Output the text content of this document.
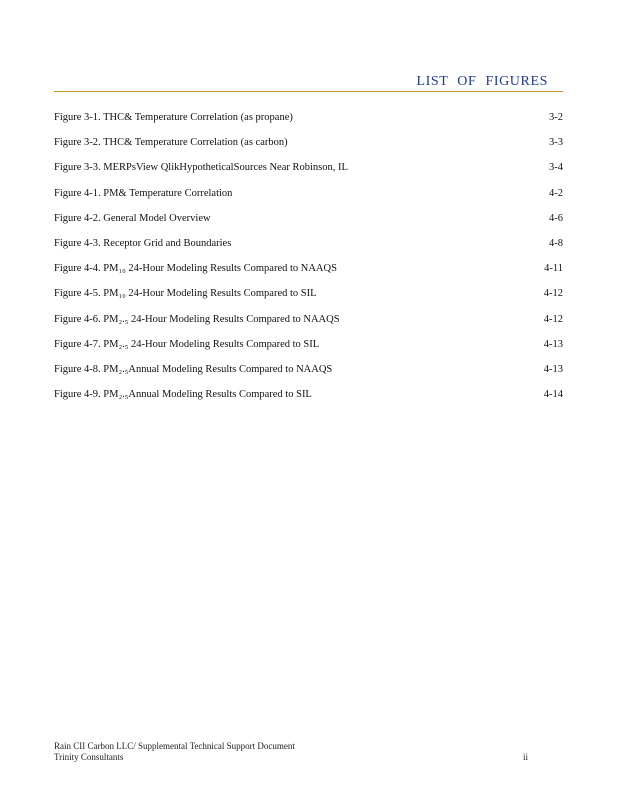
LIST OF FIGURES
Figure 3-1. THC& Temperature Correlation (as propane)	3-2
Figure 3-2. THC& Temperature Correlation (as carbon)	3-3
Figure 3-3. MERPsView QlikHypotheticalSources Near Robinson, IL	3-4
Figure 4-1. PM& Temperature Correlation	4-2
Figure 4-2. General Model Overview	4-6
Figure 4-3. Receptor Grid and Boundaries	4-8
Figure 4-4. PM₁₀ 24-Hour Modeling Results Compared to NAAQS	4-11
Figure 4-5. PM₁₀ 24-Hour Modeling Results Compared to SIL	4-12
Figure 4-6. PM₂.₅ 24-Hour Modeling Results Compared to NAAQS	4-12
Figure 4-7. PM₂.₅ 24-Hour Modeling Results Compared to SIL	4-13
Figure 4-8. PM₂.₅Annual Modeling Results Compared to NAAQS	4-13
Figure 4-9. PM₂.₅Annual Modeling Results Compared to SIL	4-14
Rain CII Carbon LLC/ Supplemental Technical Support Document
Trinity Consultants	ii
